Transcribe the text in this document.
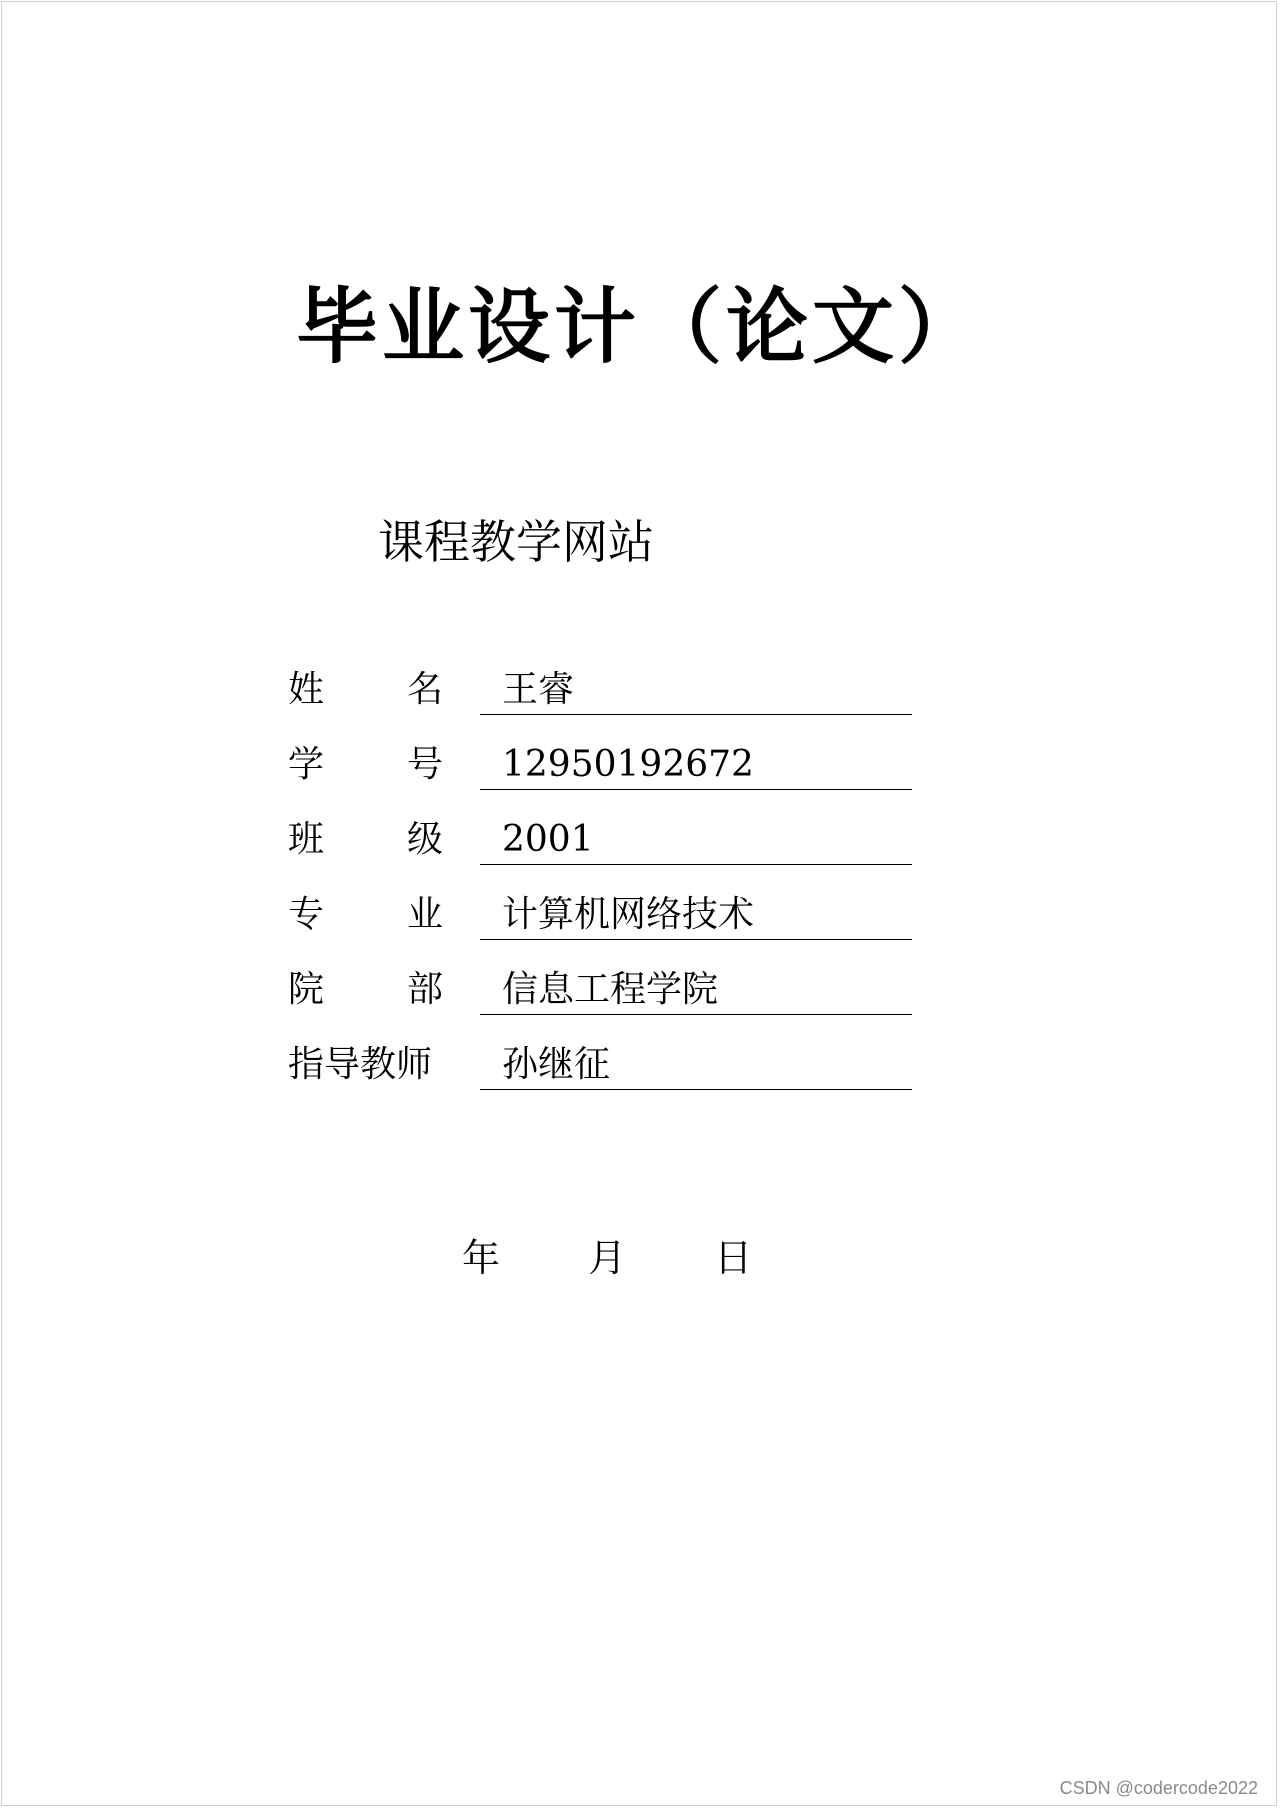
毕业设计（论文）
课程教学网站
姓 名	王睿
学 号	12950192672
班 级	2001
专 业	计算机网络技术
院 部	信息工程学院
指导教师	孙继征
年 月 日
CSDN @codercode2022
